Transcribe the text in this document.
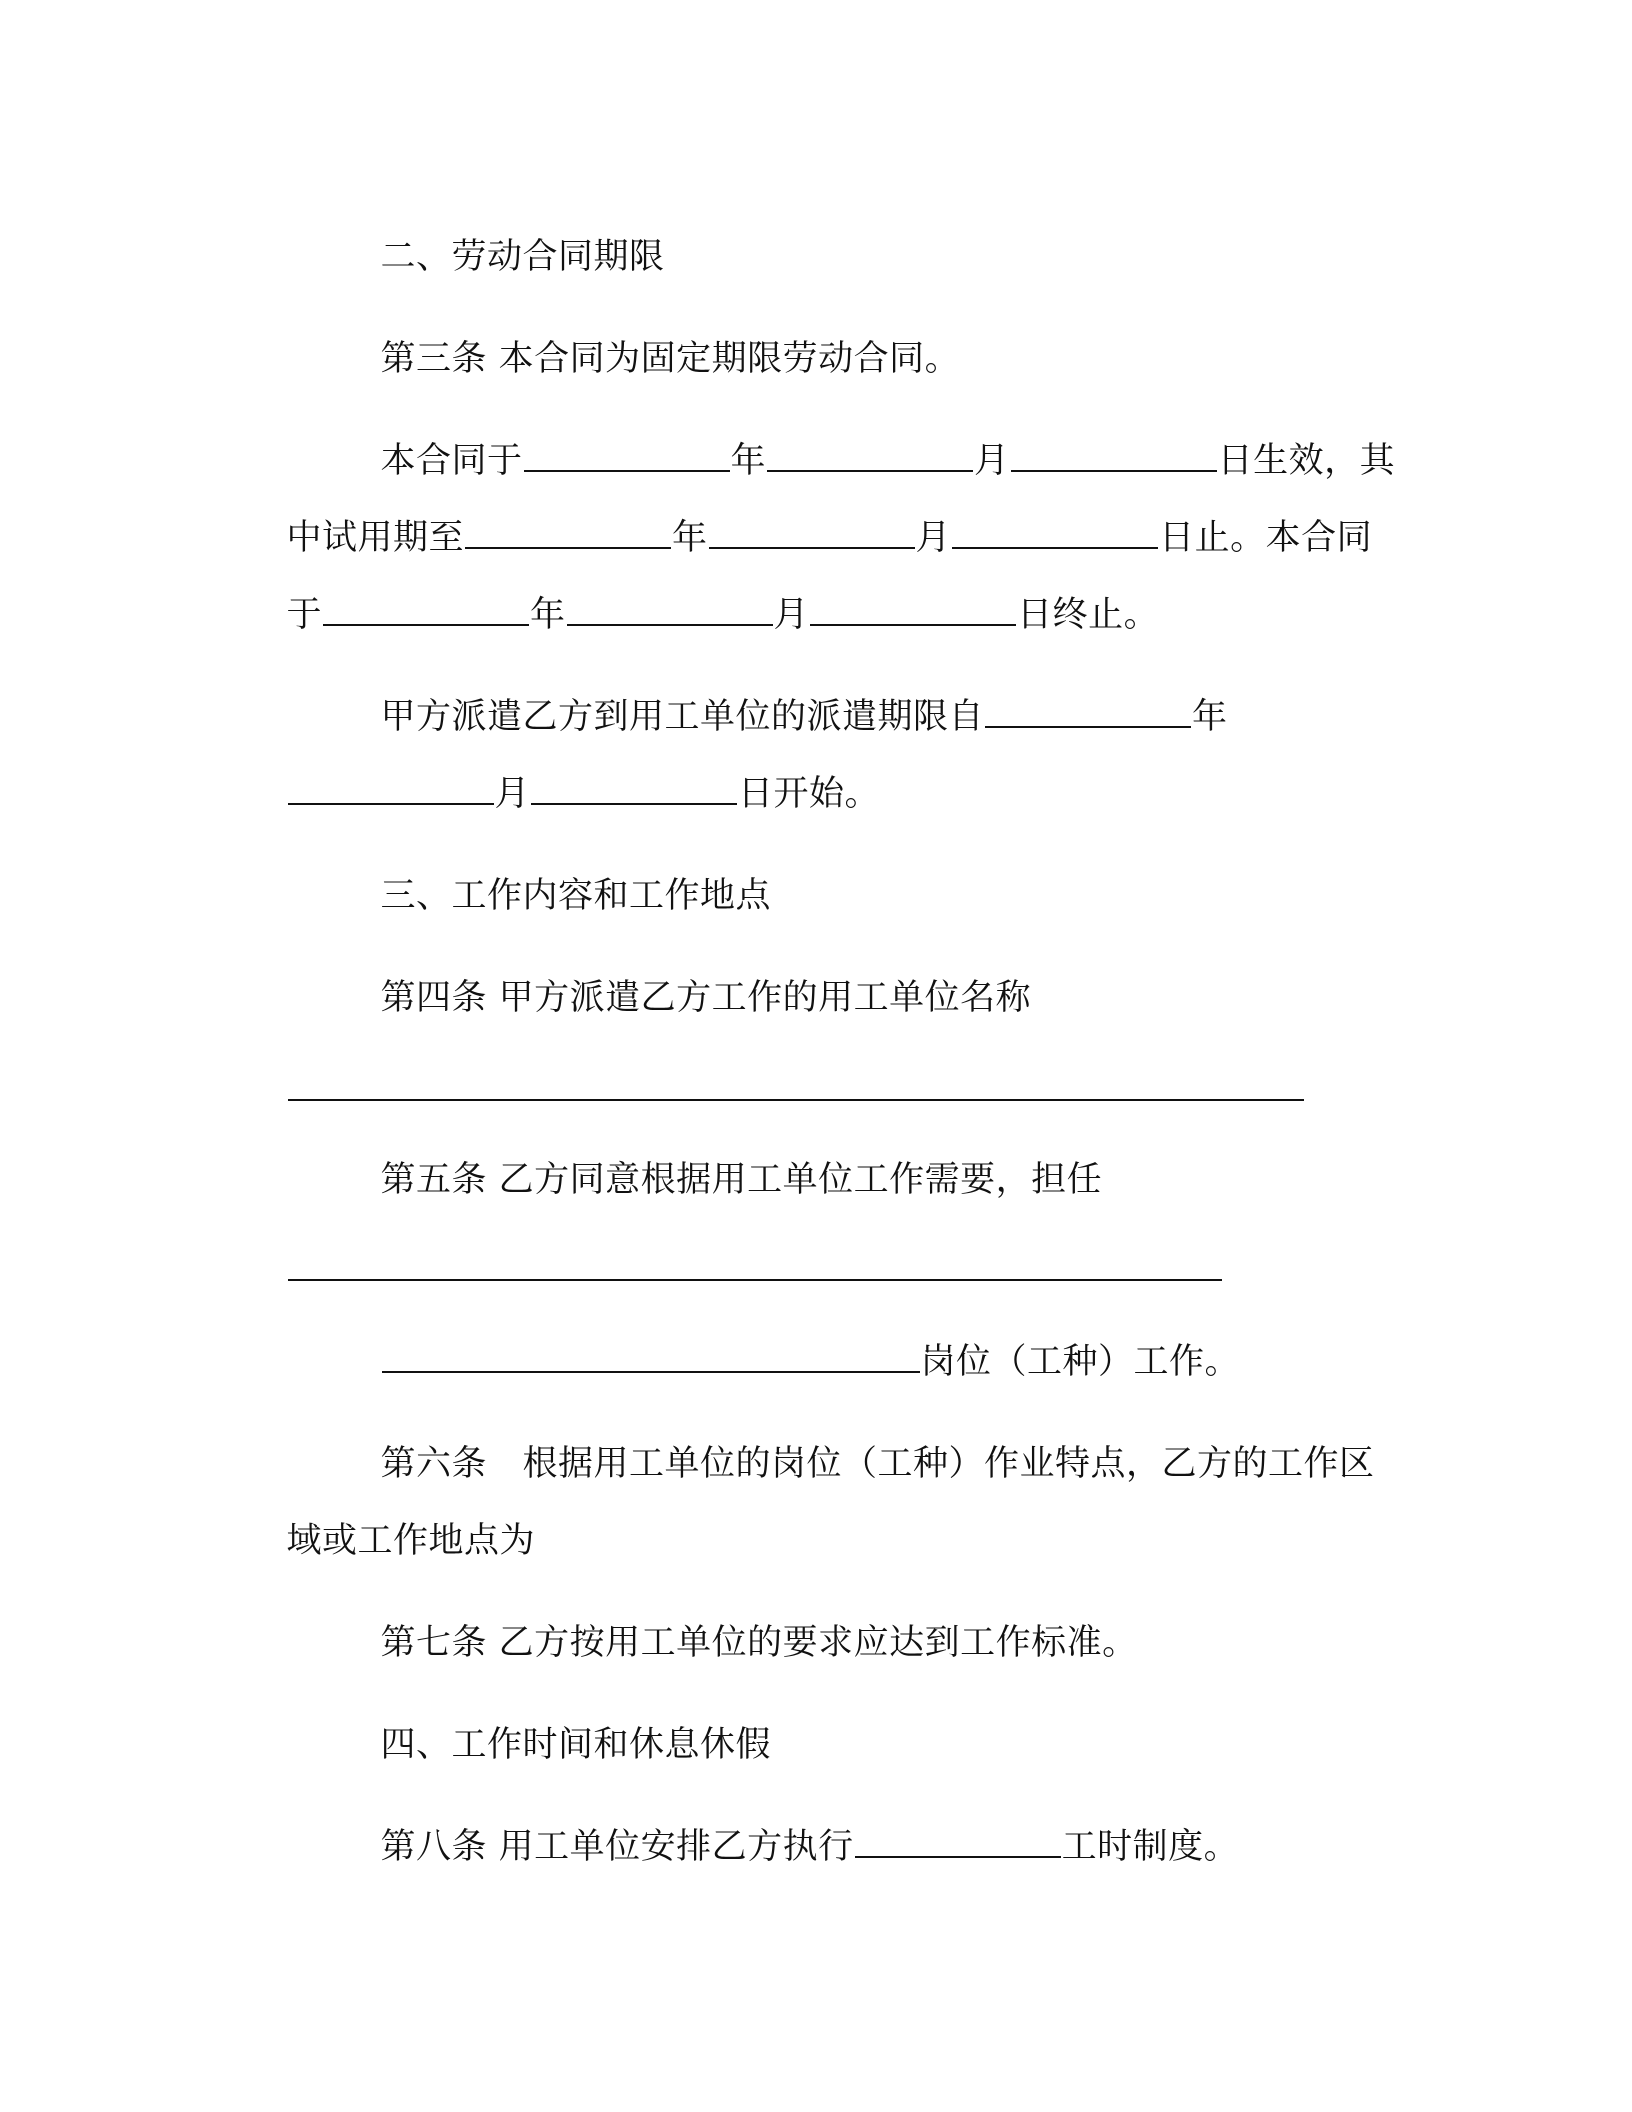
二、劳动合同期限

第三条 本合同为固定期限劳动合同。

本合同于	年	月	日生效，其

中试用期至	年	月	日止。本合同

于	年	月	日终止。

甲方派遣乙方到用工单位的派遣期限自	年

月	日开始。

三、工作内容和工作地点

第四条 甲方派遣乙方工作的用工单位名称

第五条 乙方同意根据用工单位工作需要，担任

岗位（工种）工作。

第六条　根据用工单位的岗位（工种）作业特点，乙方的工作区

域或工作地点为

第七条 乙方按用工单位的要求应达到工作标准。

四、工作时间和休息休假

第八条 用工单位安排乙方执行	工时制度。
